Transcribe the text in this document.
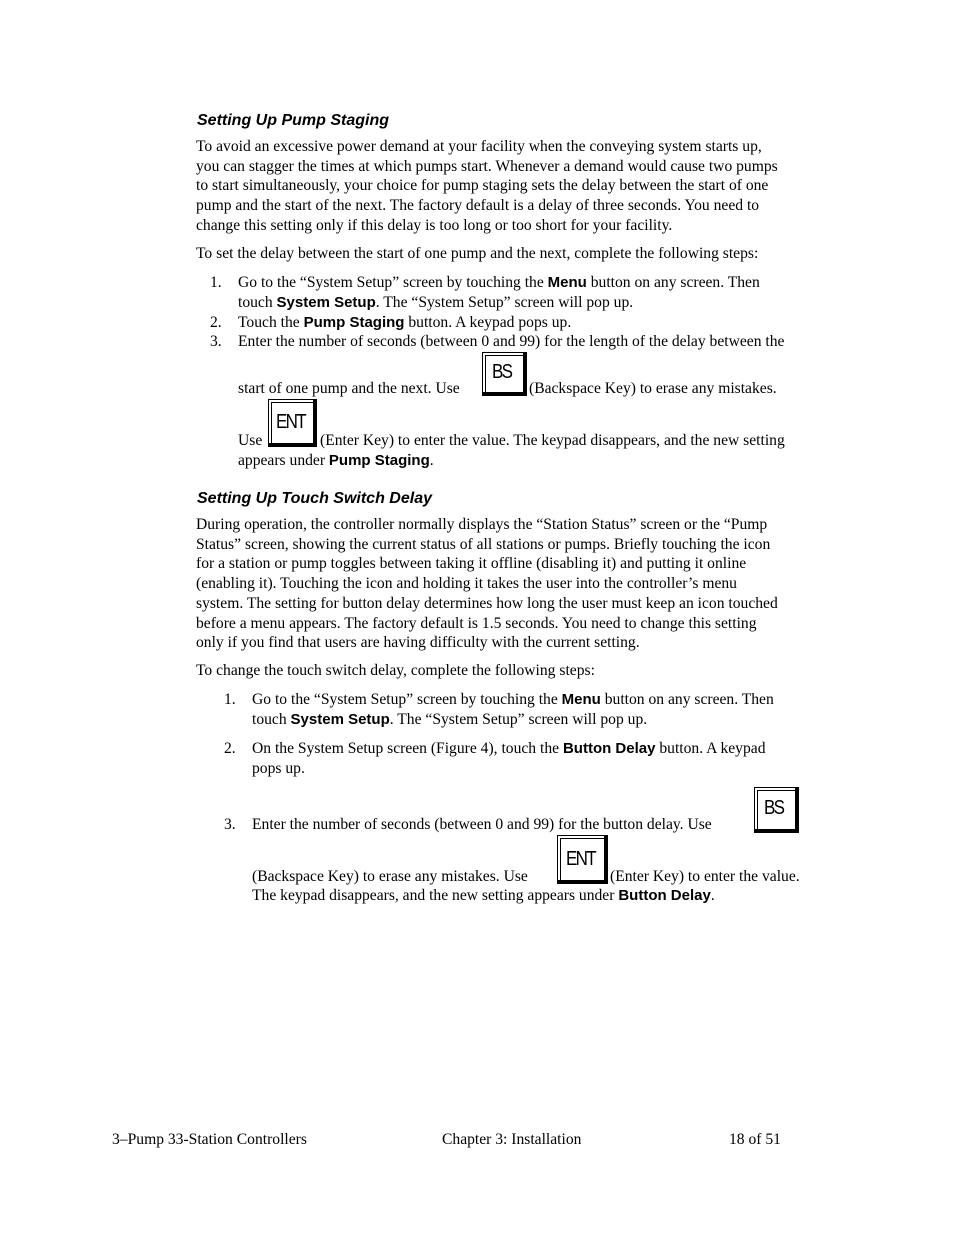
Setting Up Pump Staging
To avoid an excessive power demand at your facility when the conveying system starts up,
you can stagger the times at which pumps start. Whenever a demand would cause two pumps
to start simultaneously, your choice for pump staging sets the delay between the start of one
pump and the start of the next. The factory default is a delay of three seconds. You need to
change this setting only if this delay is too long or too short for your facility.
To set the delay between the start of one pump and the next, complete the following steps:
1. Go to the “System Setup” screen by touching the Menu button on any screen. Then
touch System Setup. The “System Setup” screen will pop up.
2. Touch the Pump Staging button. A keypad pops up.
3. Enter the number of seconds (between 0 and 99) for the length of the delay between the
start of one pump and the next. Use
BS
(Backspace Key) to erase any mistakes.
Use
ENT
(Enter Key) to enter the value. The keypad disappears, and the new setting
appears under Pump Staging.
Setting Up Touch Switch Delay
During operation, the controller normally displays the “Station Status” screen or the “Pump
Status” screen, showing the current status of all stations or pumps. Briefly touching the icon
for a station or pump toggles between taking it offline (disabling it) and putting it online
(enabling it). Touching the icon and holding it takes the user into the controller’s menu
system. The setting for button delay determines how long the user must keep an icon touched
before a menu appears. The factory default is 1.5 seconds. You need to change this setting
only if you find that users are having difficulty with the current setting.
To change the touch switch delay, complete the following steps:
1. Go to the “System Setup” screen by touching the Menu button on any screen. Then
touch System Setup. The “System Setup” screen will pop up.
2. On the System Setup screen (Figure 4), touch the Button Delay button. A keypad
pops up.
3. Enter the number of seconds (between 0 and 99) for the button delay. Use
BS
(Backspace Key) to erase any mistakes. Use
ENT
(Enter Key) to enter the value.
The keypad disappears, and the new setting appears under Button Delay.
3–Pump 33-Station Controllers	Chapter 3: Installation	18 of 51
